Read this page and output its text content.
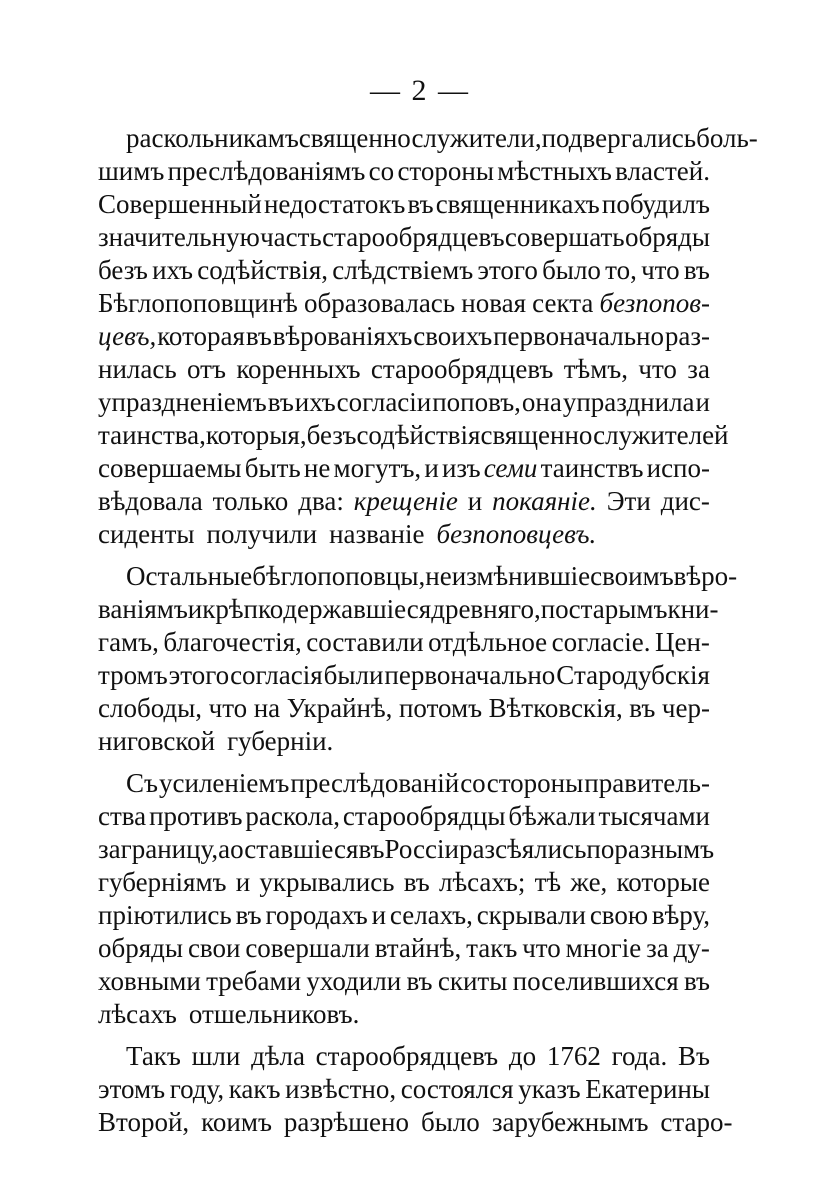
— 2 —
раскольникамъ священнослужители, подвергались боль-
шимъ преслѣдованіямъ со стороны мѣстныхъ властей.
Совершенный недостатокъ въ священникахъ побудилъ
значительную часть старообрядцевъ совершать обряды
безъ ихъ содѣйствія, слѣдствіемъ этого было то, что въ
Бѣглопоповщинѣ образовалась новая секта безпопов-
цевъ, которая въ вѣрованіяхъ своихъ первоначально раз-
нилась отъ коренныхъ старообрядцевъ тѣмъ, что за
упраздненіемъ въ ихъ согласіи поповъ, она упразднила и
таинства, которыя, безъ содѣйствія священнослужителей
совершаемы быть не могутъ, и изъ семи таинствъ испо-
вѣдовала только два: крещеніе и покаяніе. Эти дис-
сиденты получили названіе безпоповцевъ.
Остальные бѣглопоповцы, не измѣнившіе своимъ вѣро-
ваніямъ и крѣпко державшіеся древняго, по старымъ кни-
гамъ, благочестія, составили отдѣльное согласіе. Цен-
тромъ этого согласія были первоначально Стародубскія
слободы, что на Украйнѣ, потомъ Вѣтковскія, въ чер-
ниговской губерніи.
Съ усиленіемъ преслѣдованій со стороны правитель-
ства противъ раскола, старообрядцы бѣжали тысячами
за границу, а оставшіеся въ Россіи разсѣялись по разнымъ
губерніямъ и укрывались въ лѣсахъ; тѣ же, которые
пріютились въ городахъ и селахъ, скрывали свою вѣру,
обряды свои совершали втайнѣ, такъ что многіе за ду-
ховными требами уходили въ скиты поселившихся въ
лѣсахъ отшельниковъ.
Такъ шли дѣла старообрядцевъ до 1762 года. Въ
этомъ году, какъ извѣстно, состоялся указъ Екатерины
Второй, коимъ разрѣшено было зарубежнымъ старо-
